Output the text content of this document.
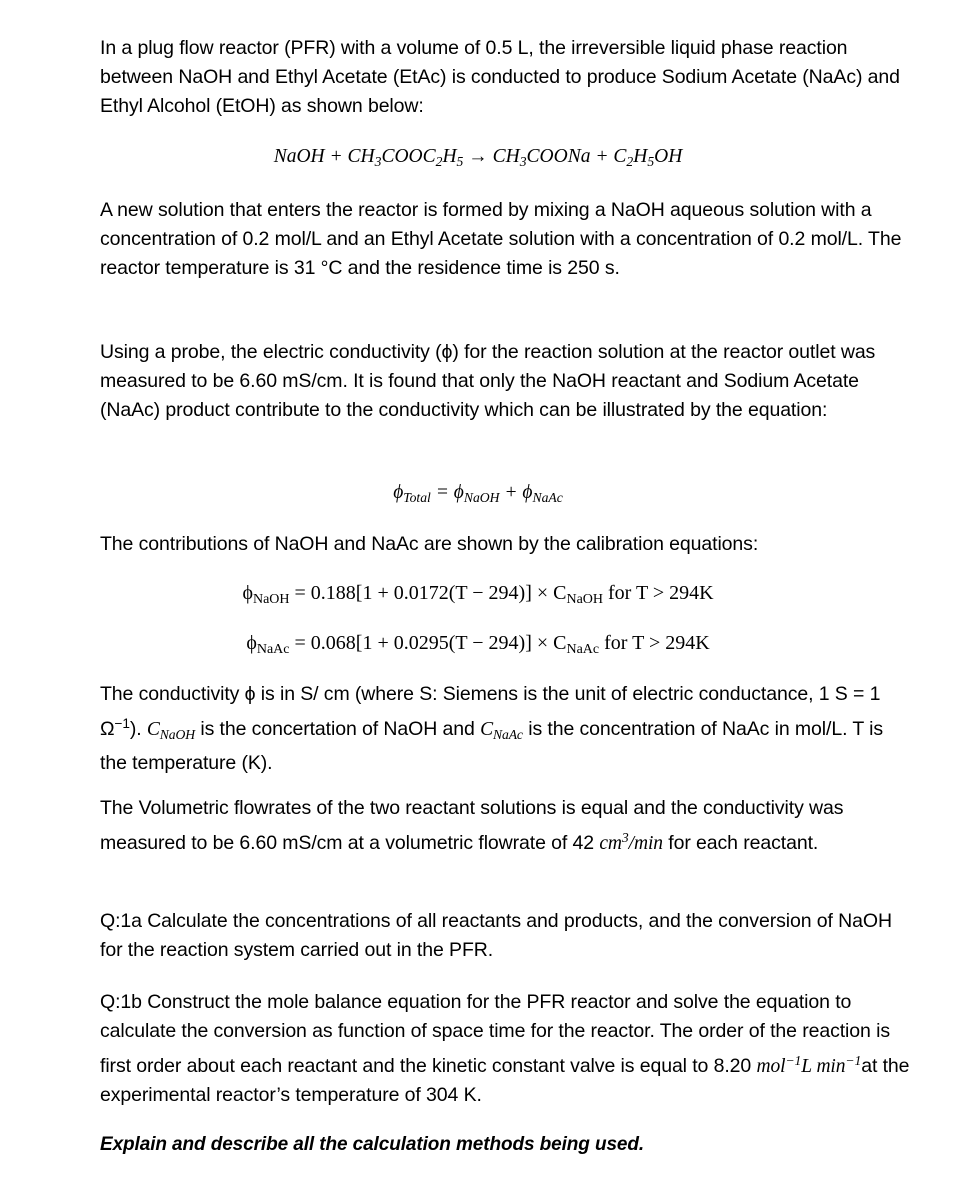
In a plug flow reactor (PFR) with a volume of 0.5 L, the irreversible liquid phase reaction between NaOH and Ethyl Acetate (EtAc) is conducted to produce Sodium Acetate (NaAc) and Ethyl Alcohol (EtOH) as shown below:

NaOH + $CH_3COOC_2H_5$ → $CH_3COONa + C_2H_5OH$

A new solution that enters the reactor is formed by mixing a NaOH aqueous solution with a concentration of 0.2 mol/L and an Ethyl Acetate solution with a concentration of 0.2 mol/L. The reactor temperature is 31 °C and the residence time is 250 s.

Using a probe, the electric conductivity (ϕ) for the reaction solution at the reactor outlet was measured to be 6.60 mS/cm. It is found that only the NaOH reactant and Sodium Acetate (NaAc) product contribute to the conductivity which can be illustrated by the equation:

$\phi_{Total} = \phi_{NaOH} + \phi_{NaAc}$

The contributions of NaOH and NaAc are shown by the calibration equations:

$\phi_{NaOH} = 0.188[1 + 0.0172(T - 294)] \times C_{NaOH}$ for T > 294K
$\phi_{NaAc} = 0.068[1 + 0.0295(T - 294)] \times C_{NaAc}$ for T > 294K

The conductivity ϕ is in S/ cm (where S: Siemens is the unit of electric conductance, 1 S = 1 $\Omega^{-1}$). $C_{NaOH}$ is the concertation of NaOH and $C_{NaAc}$ is the concentration of NaAc in mol/L. T is the temperature (K).

The Volumetric flowrates of the two reactant solutions is equal and the conductivity was measured to be 6.60 mS/cm at a volumetric flowrate of 42 $cm^3/\min$ for each reactant.

Q:1a Calculate the concentrations of all reactants and products, and the conversion of NaOH for the reaction system carried out in the PFR.

Q:1b Construct the mole balance equation for the PFR reactor and solve the equation to calculate the conversion as function of space time for the reactor. The order of the reaction is first order about each reactant and the kinetic constant valve is equal to 8.20 mol$^{-1}$L $\min^{-1}at$ the experimental reactor’s temperature of 304 K.

Explain and describe all the calculation methods being used.
